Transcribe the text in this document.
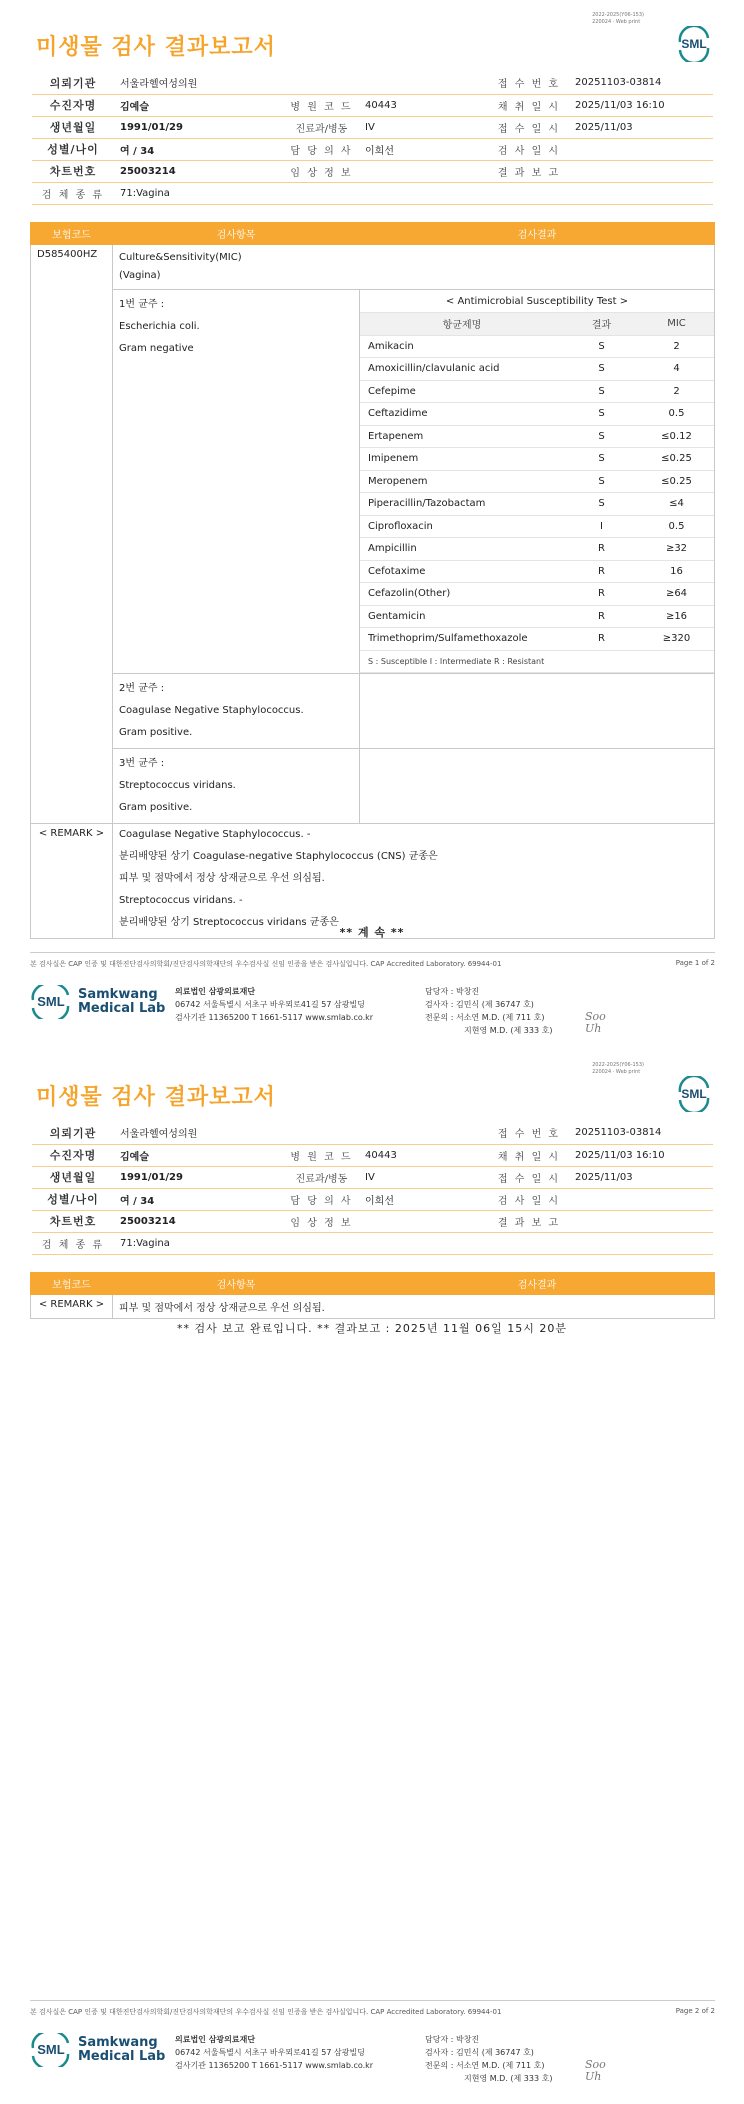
2022-2025(Y06-153)
220024 · Web print
미생물 검사 결과보고서	SML
의뢰기관	서울라헬여성의원			접 수 번 호	20251103-03814
수진자명	김예슬	병 원 코 드	40443	채 취 일 시	2025/11/03 16:10
생년월일	1991/01/29	진료과/병동	IV	접 수 일 시	2025/11/03
성별/나이	여 / 34	담 당 의 사	이희선	검 사 일 시	
차트번호	25003214	임 상 정 보		결 과 보 고	
검 체 종 류	71:Vagina				
보험코드	검사항목	검사결과
D585400HZ	Culture&Sensitivity(MIC)
(Vagina)

1번 균주 :
Escherichia coli.
Gram negative

< Antimicrobial Susceptibility Test >
항균제명	결과	MIC
Amikacin	S	2
Amoxicillin/clavulanic acid	S	4
Cefepime	S	2
Ceftazidime	S	0.5
Ertapenem	S	≤0.12
Imipenem	S	≤0.25
Meropenem	S	≤0.25
Piperacillin/Tazobactam	S	≤4
Ciprofloxacin	I	0.5
Ampicillin	R	≥32
Cefotaxime	R	16
Cefazolin(Other)	R	≥64
Gentamicin	R	≥16
Trimethoprim/Sulfamethoxazole	R	≥320
S : Susceptible I : Intermediate R : Resistant

2번 균주 :
Coagulase Negative Staphylococcus.
Gram positive.

3번 균주 :
Streptococcus viridans.
Gram positive.

< REMARK >	Coagulase Negative Staphylococcus. -
분리배양된 상기 Coagulase-negative Staphylococcus (CNS) 균종은
피부 및 점막에서 정상 상재균으로 우선 의심됨.
Streptococcus viridans. -
분리배양된 상기 Streptococcus viridans 균종은
** 계 속 **
본 검사실은 CAP 인증 및 대한진단검사의학회/진단검사의학재단의 우수검사실 신임 인증을 받은 검사실입니다. CAP Accredited Laboratory. 69944-01	Page 1 of 2
SML Samkwang
Medical Lab
의료법인 삼광의료재단
06742 서울특별시 서초구 바우뫼로41길 57 삼광빌딩
검사기관 11365200 T 1661-5117 www.smlab.co.kr
담당자 : 박창진
검사자 : 김민식 (제 36747 호)
전문의 : 서소연 M.D. (제 711 호)
지현영 M.D. (제 333 호)
Soo
Uh
2022-2025(Y06-153)
220024 · Web print
미생물 검사 결과보고서	SML
의뢰기관	서울라헬여성의원			접 수 번 호	20251103-03814
수진자명	김예슬	병 원 코 드	40443	채 취 일 시	2025/11/03 16:10
생년월일	1991/01/29	진료과/병동	IV	접 수 일 시	2025/11/03
성별/나이	여 / 34	담 당 의 사	이희선	검 사 일 시	
차트번호	25003214	임 상 정 보		결 과 보 고	
검 체 종 류	71:Vagina				
보험코드	검사항목	검사결과
< REMARK >	피부 및 점막에서 정상 상재균으로 우선 의심됨.	
** 검사 보고 완료입니다. ** 결과보고 : 2025년 11월 06일 15시 20분
본 검사실은 CAP 인증 및 대한진단검사의학회/진단검사의학재단의 우수검사실 신임 인증을 받은 검사실입니다. CAP Accredited Laboratory. 69944-01	Page 2 of 2
SML Samkwang
Medical Lab
의료법인 삼광의료재단
06742 서울특별시 서초구 바우뫼로41길 57 삼광빌딩
검사기관 11365200 T 1661-5117 www.smlab.co.kr
담당자 : 박창진
검사자 : 김민식 (제 36747 호)
전문의 : 서소연 M.D. (제 711 호)
지현영 M.D. (제 333 호)
Soo
Uh
